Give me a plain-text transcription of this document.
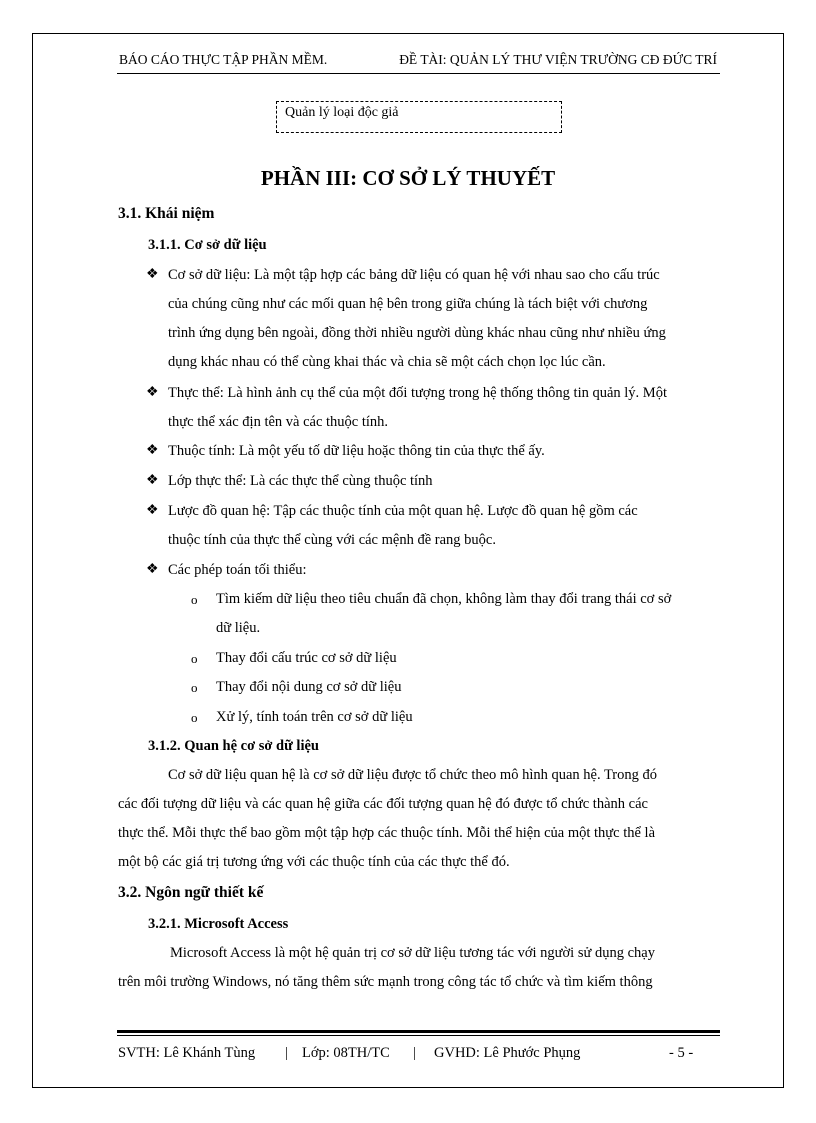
BÁO CÁO THỰC TẬP PHẦN MỀM.	ĐỀ TÀI: QUẢN LÝ THƯ VIỆN TRƯỜNG CĐ ĐỨC TRÍ
Quản lý loại độc giả
PHẦN III: CƠ SỞ LÝ THUYẾT
3.1. Khái niệm
3.1.1. Cơ sở dữ liệu
❖ Cơ sở dữ liệu: Là một tập hợp các bảng dữ liệu có quan hệ với nhau sao cho cấu trúc
của chúng cũng như các mối quan hệ bên trong giữa chúng là tách biệt với chương
trình ứng dụng bên ngoài, đồng thời nhiều người dùng khác nhau cũng như nhiều ứng
dụng khác nhau có thể cùng khai thác và chia sẽ một cách chọn lọc lúc cần.
❖ Thực thể: Là hình ảnh cụ thể của một đối tượng trong hệ thống thông tin quản lý. Một
thực thể xác địn tên và các thuộc tính.
❖ Thuộc tính: Là một yếu tố dữ liệu hoặc thông tin của thực thể ấy.
❖ Lớp thực thể: Là các thực thể cùng thuộc tính
❖ Lược đồ quan hệ: Tập các thuộc tính của một quan hệ. Lược đồ quan hệ gồm các
thuộc tính của thực thể cùng với các mệnh đề rang buộc.
❖ Các phép toán tối thiểu:
o Tìm kiếm dữ liệu theo tiêu chuẩn đã chọn, không làm thay đổi trang thái cơ sở
dữ liệu.
o Thay đổi cấu trúc cơ sở dữ liệu
o Thay đổi nội dung cơ sở dữ liệu
o Xử lý, tính toán trên cơ sở dữ liệu
3.1.2. Quan hệ cơ sở dữ liệu
Cơ sở dữ liệu quan hệ là cơ sở dữ liệu được tổ chức theo mô hình quan hệ. Trong đó
các đối tượng dữ liệu và các quan hệ giữa các đối tượng quan hệ đó được tổ chức thành các
thực thể. Mỗi thực thể bao gồm một tập hợp các thuộc tính. Mỗi thể hiện của một thực thể là
một bộ các giá trị tương ứng với các thuộc tính của các thực thể đó.
3.2. Ngôn ngữ thiết kế
3.2.1. Microsoft Access
Microsoft Access là một hệ quản trị cơ sở dữ liệu tương tác với người sử dụng chạy
trên môi trường Windows, nó tăng thêm sức mạnh trong công tác tổ chức và tìm kiếm thông
SVTH: Lê Khánh Tùng | Lớp: 08TH/TC | GVHD: Lê Phước Phụng	- 5 -
